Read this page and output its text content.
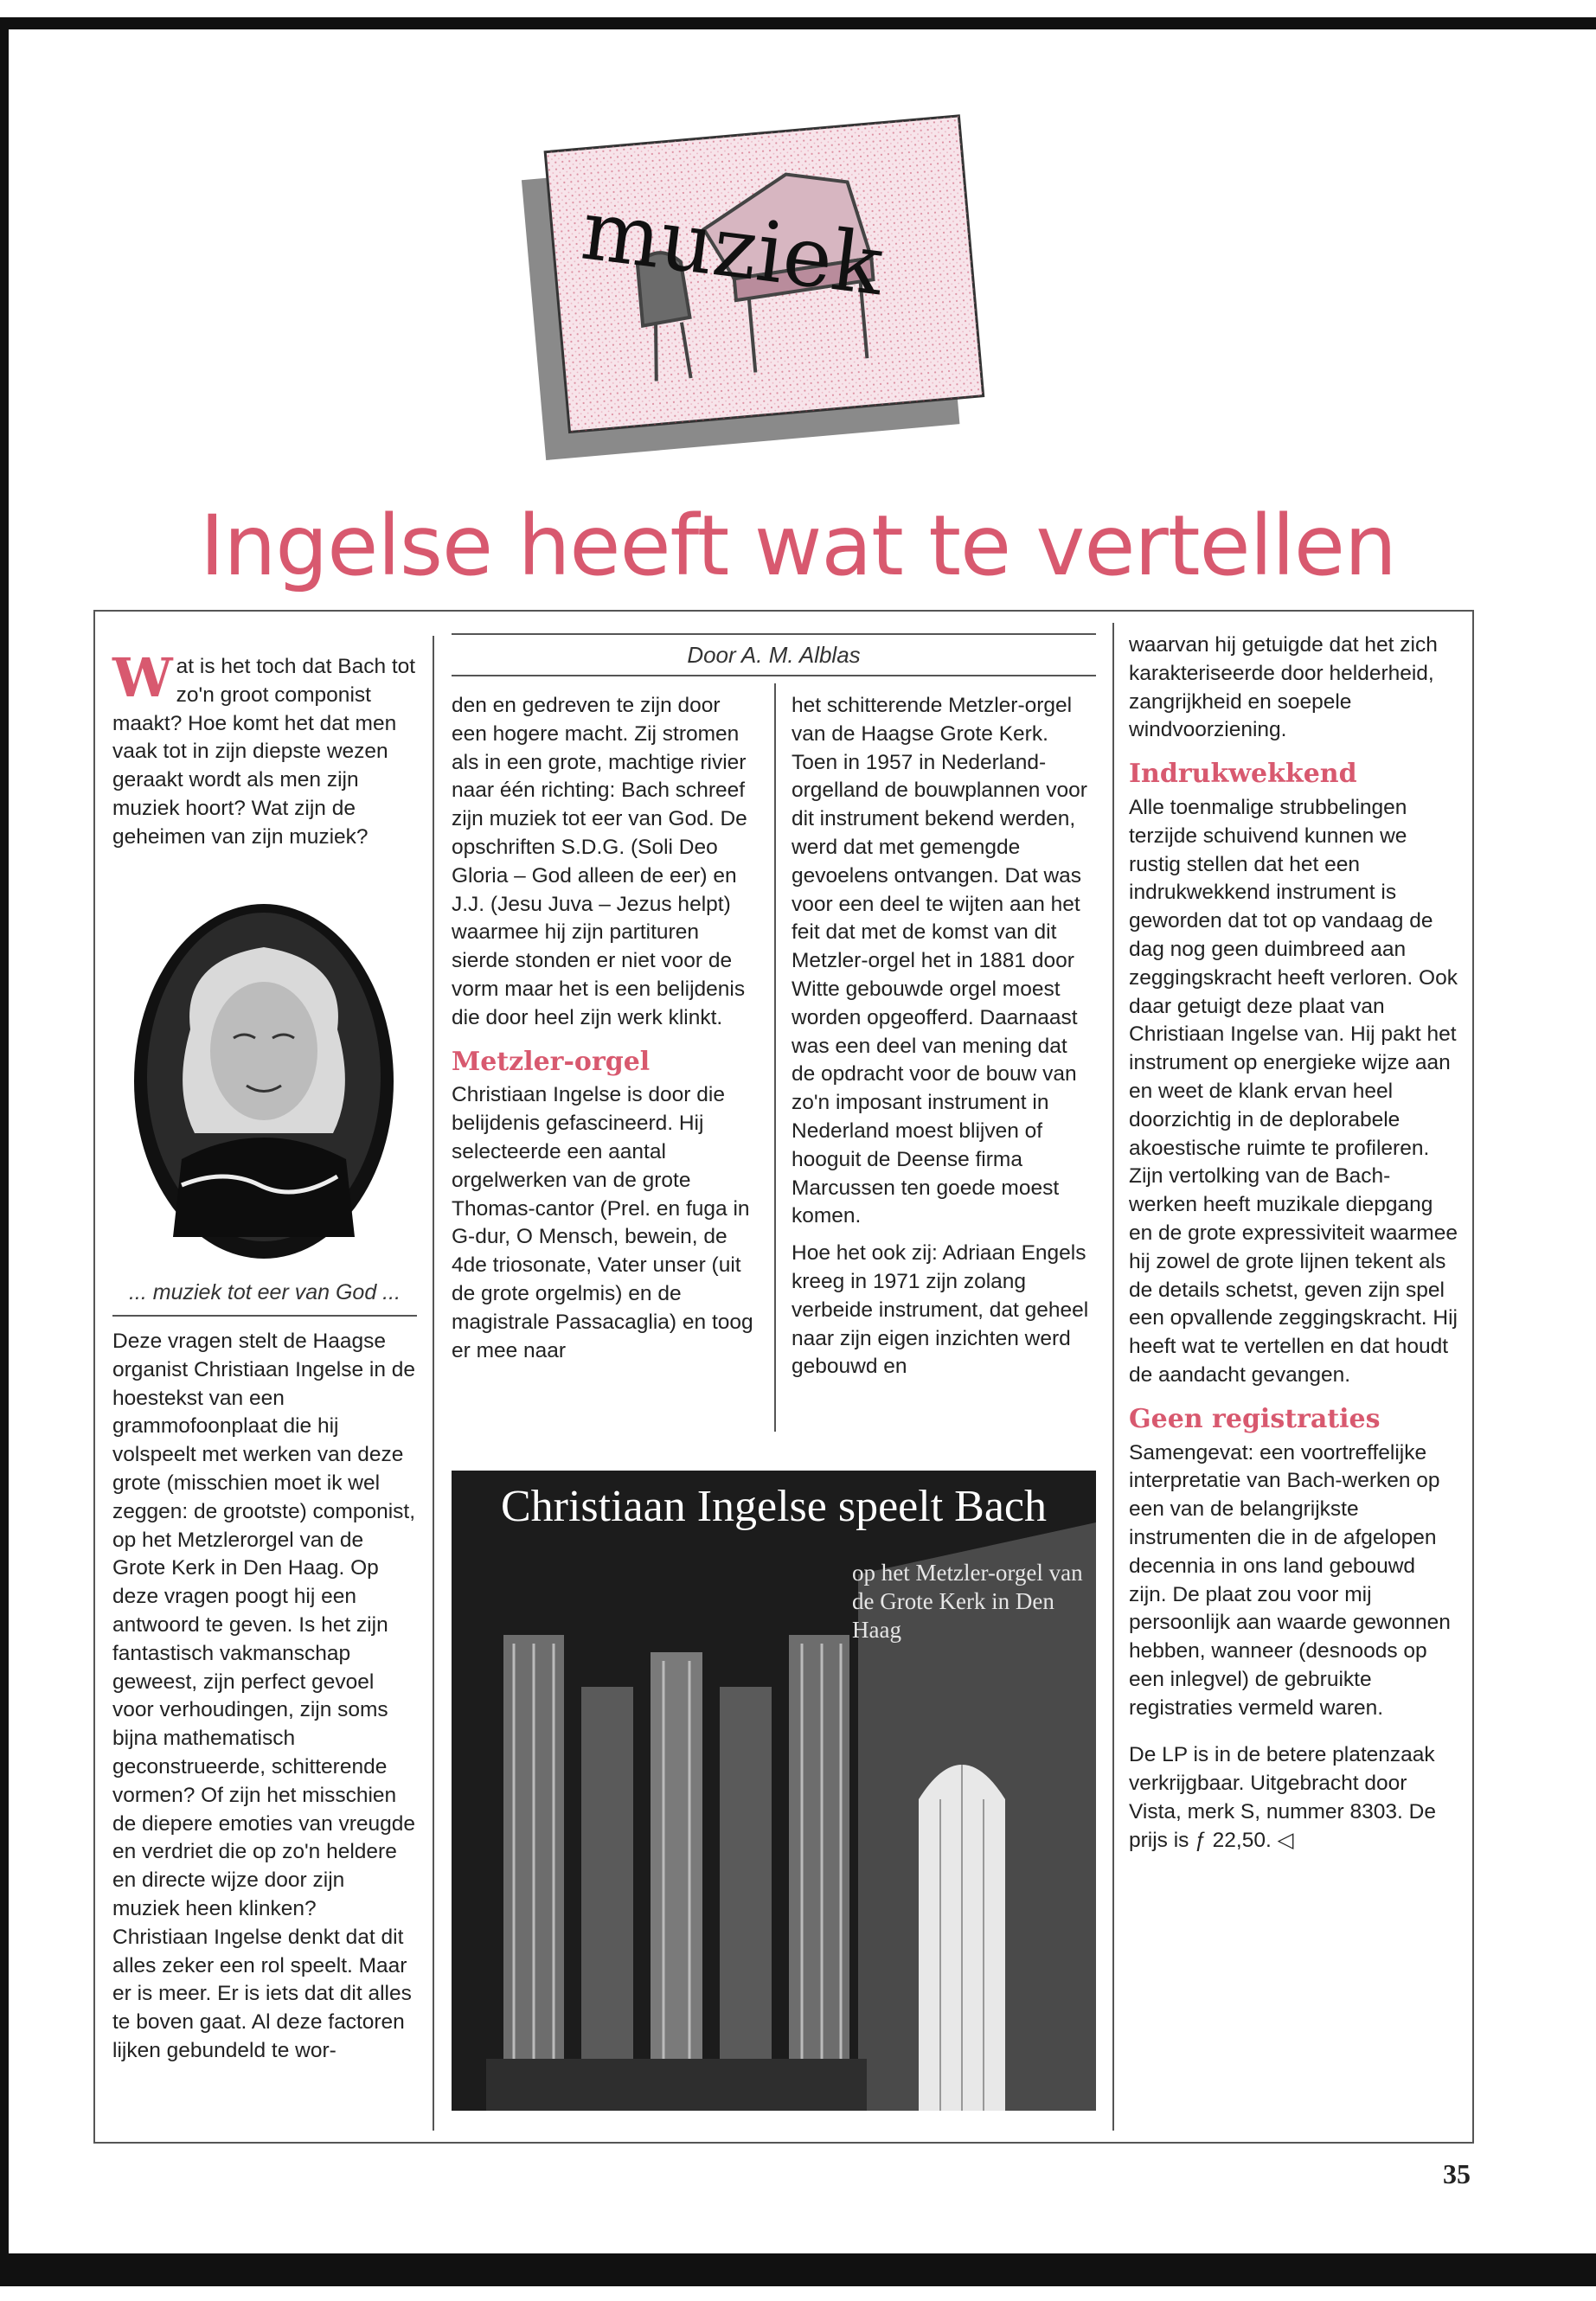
muziek
Ingelse heeft wat te vertellen
Door A. M. Alblas

Wat is het toch dat Bach tot zo'n groot componist maakt? Hoe komt het dat men vaak tot in zijn diepste wezen geraakt wordt als men zijn muziek hoort? Wat zijn de geheimen van zijn muziek?

... muziek tot eer van God ...

Deze vragen stelt de Haagse organist Christiaan Ingelse in de hoestekst van een grammofoonplaat die hij volspeelt met werken van deze grote (misschien moet ik wel zeggen: de grootste) componist, op het Metzlerorgel van de Grote Kerk in Den Haag. Op deze vragen poogt hij een antwoord te geven. Is het zijn fantastisch vakmanschap geweest, zijn perfect gevoel voor verhoudingen, zijn soms bijna mathematisch geconstrueerde, schitterende vormen? Of zijn het misschien de diepere emoties van vreugde en verdriet die op zo'n heldere en directe wijze door zijn muziek heen klinken? Christiaan Ingelse denkt dat dit alles zeker een rol speelt. Maar er is meer. Er is iets dat dit alles te boven gaat. Al deze factoren lijken gebundeld te wor-

den en gedreven te zijn door een hogere macht. Zij stromen als in een grote, machtige rivier naar één richting: Bach schreef zijn muziek tot eer van God. De opschriften S.D.G. (Soli Deo Gloria – God alleen de eer) en J.J. (Jesu Juva – Jezus helpt) waarmee hij zijn partituren sierde stonden er niet voor de vorm maar het is een belijdenis die door heel zijn werk klinkt.

Metzler-orgel

Christiaan Ingelse is door die belijdenis gefascineerd. Hij selecteerde een aantal orgelwerken van de grote Thomas-cantor (Prel. en fuga in G-dur, O Mensch, bewein, de 4de triosonate, Vater unser (uit de grote orgelmis) en de magistrale Passacaglia) en toog er mee naar

het schitterende Metzler-orgel van de Haagse Grote Kerk. Toen in 1957 in Nederland-orgelland de bouwplannen voor dit instrument bekend werden, werd dat met gemengde gevoelens ontvangen. Dat was voor een deel te wijten aan het feit dat met de komst van dit Metzler-orgel het in 1881 door Witte gebouwde orgel moest worden opgeofferd. Daarnaast was een deel van mening dat de opdracht voor de bouw van zo'n imposant instrument in Nederland moest blijven of hooguit de Deense firma Marcussen ten goede moest komen.

Hoe het ook zij: Adriaan Engels kreeg in 1971 zijn zolang verbeide instrument, dat geheel naar zijn eigen inzichten werd gebouwd en

Christiaan Ingelse speelt Bach
op het Metzler-orgel van de Grote Kerk in Den Haag

waarvan hij getuigde dat het zich karakteriseerde door helderheid, zangrijkheid en soepele windvoorziening.

Indrukwekkend

Alle toenmalige strubbelingen terzijde schuivend kunnen we rustig stellen dat het een indrukwekkend instrument is geworden dat tot op vandaag de dag nog geen duimbreed aan zeggingskracht heeft verloren. Ook daar getuigt deze plaat van Christiaan Ingelse van. Hij pakt het instrument op energieke wijze aan en weet de klank ervan heel doorzichtig in de deplorabele akoestische ruimte te profileren. Zijn vertolking van de Bach-werken heeft muzikale diepgang en de grote expressiviteit waarmee hij zowel de grote lijnen tekent als de details schetst, geven zijn spel een opvallende zeggingskracht. Hij heeft wat te vertellen en dat houdt de aandacht gevangen.

Geen registraties

Samengevat: een voortreffelijke interpretatie van Bach-werken op een van de belangrijkste instrumenten die in de afgelopen decennia in ons land gebouwd zijn. De plaat zou voor mij persoonlijk aan waarde gewonnen hebben, wanneer (desnoods op een inlegvel) de gebruikte registraties vermeld waren.

De LP is in de betere platenzaak verkrijgbaar. Uitgebracht door Vista, merk S, nummer 8303. De prijs is ƒ 22,50. ◁

35
